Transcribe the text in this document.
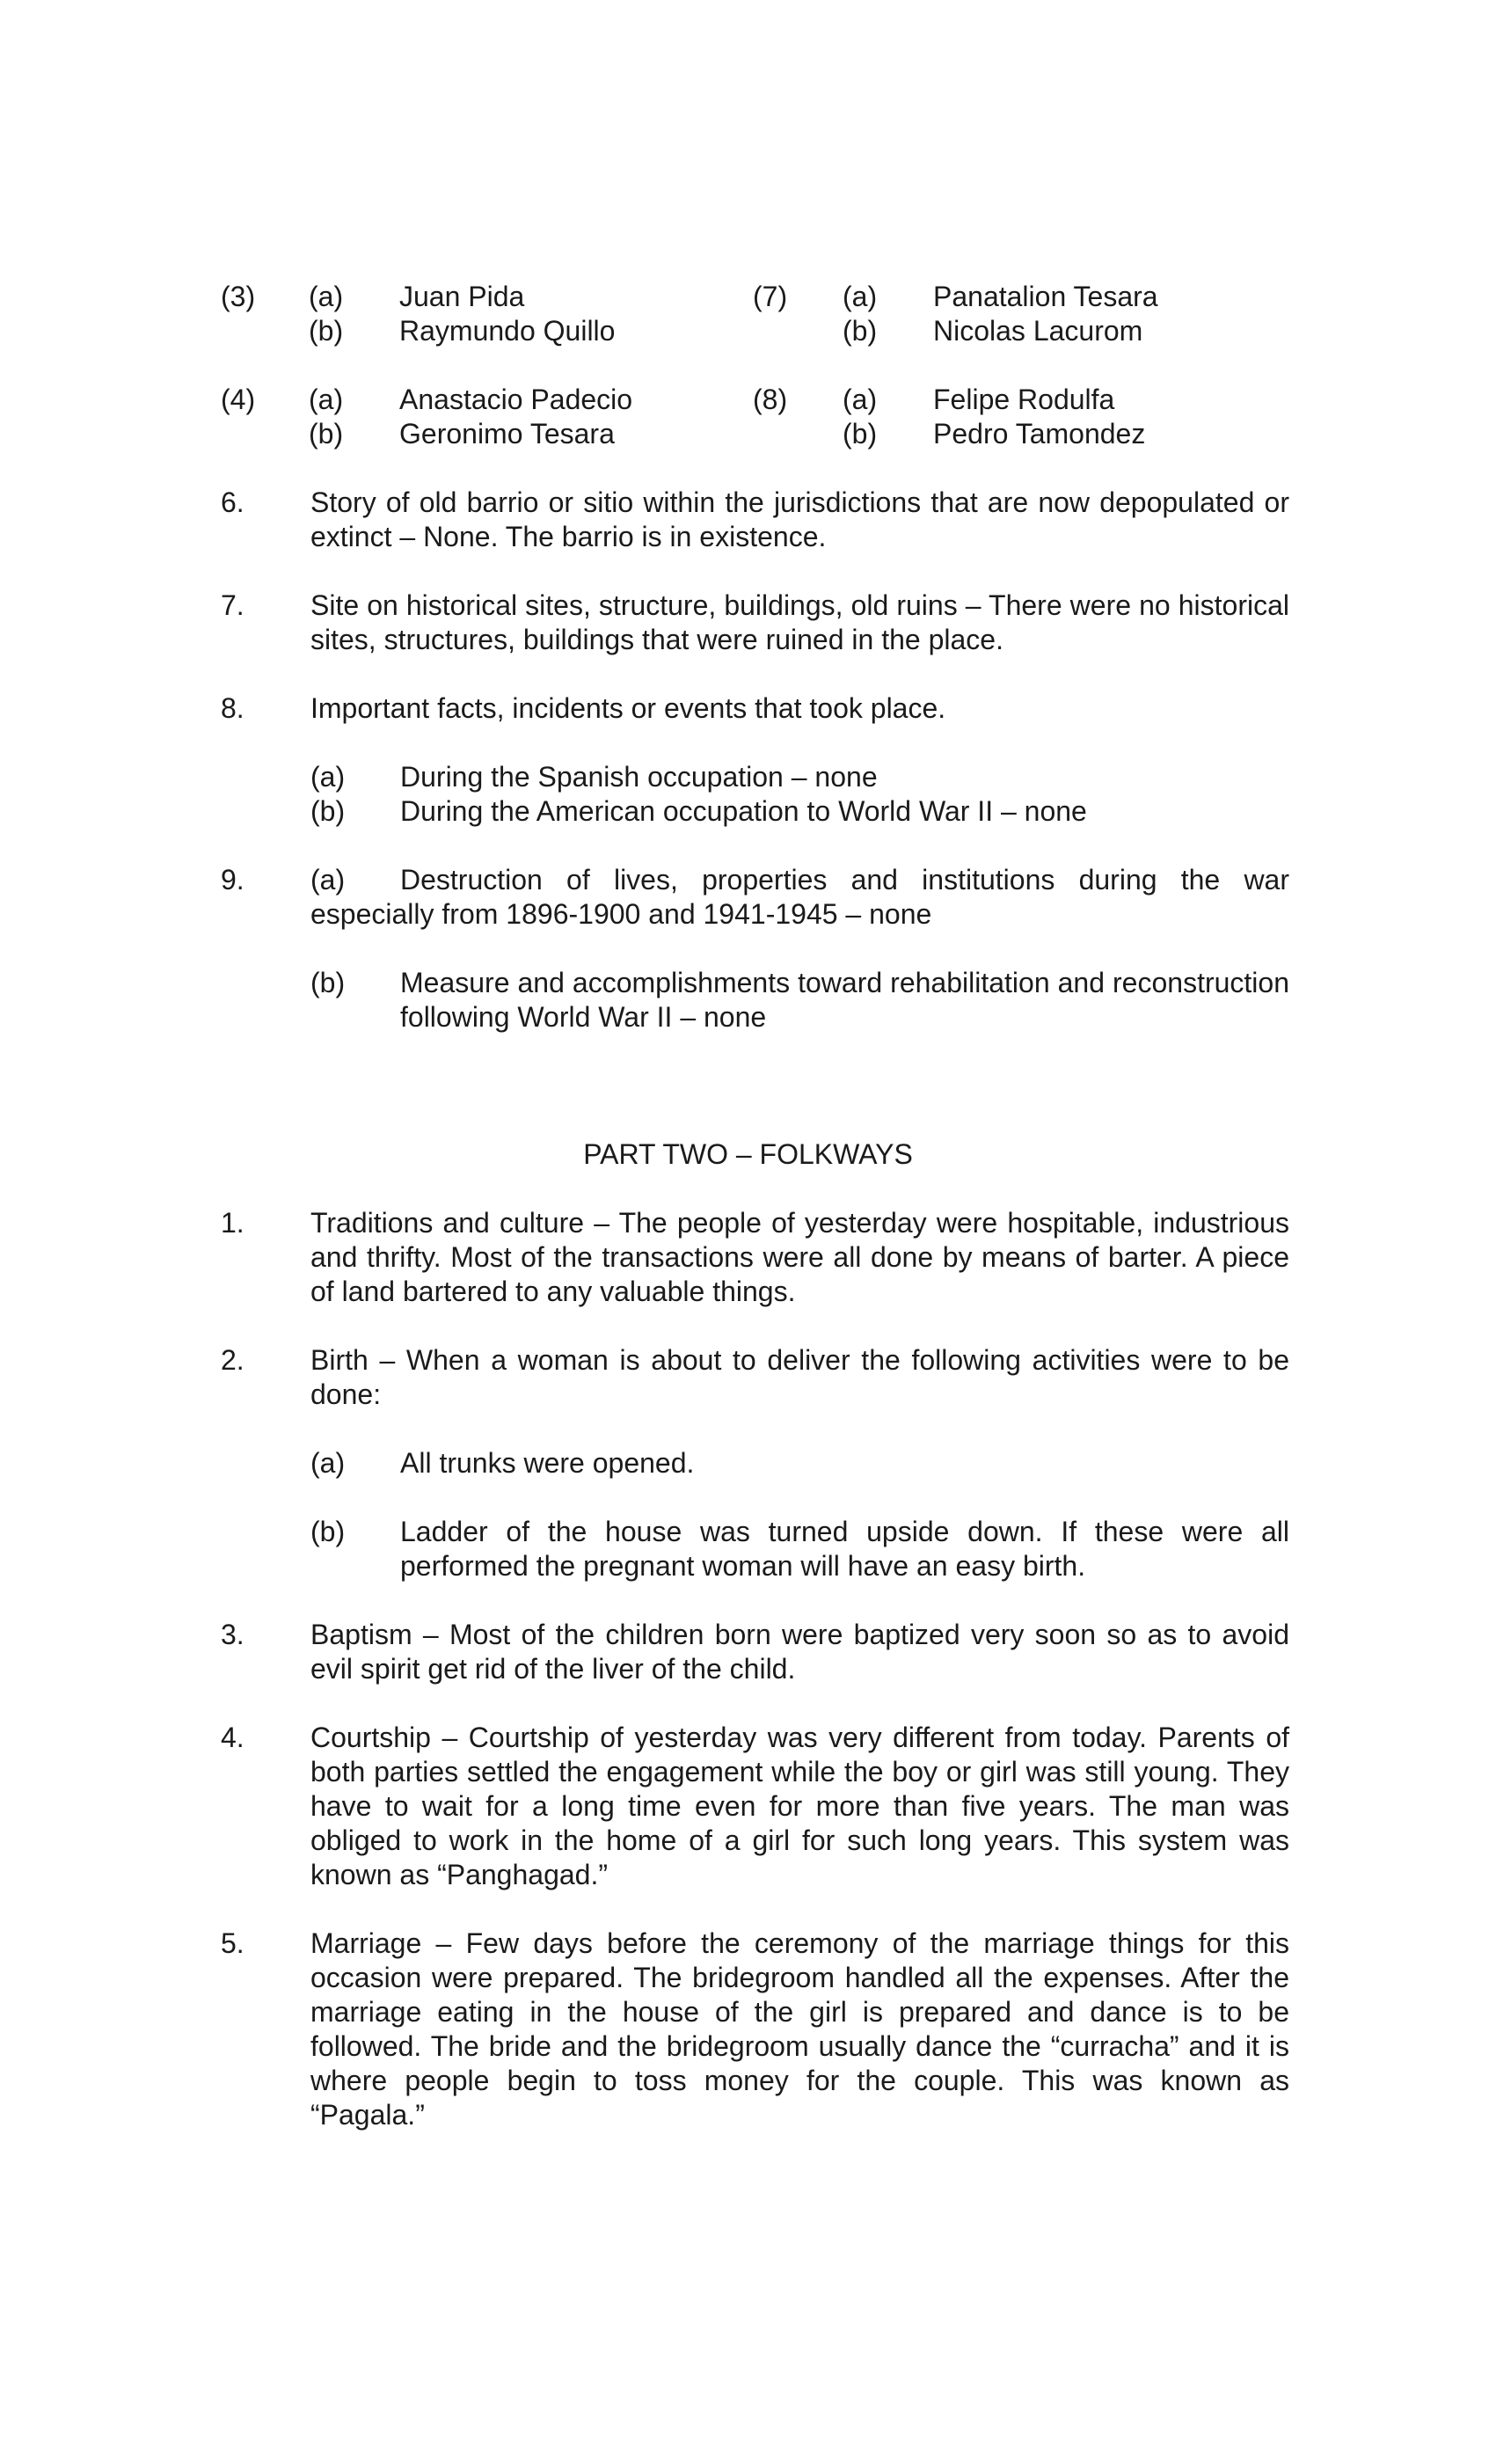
(3) (a) Juan Pida	(7) (a) Panatalion Tesara
(b) Raymundo Quillo	(b) Nicolas Lacurom
(4) (a) Anastacio Padecio	(8) (a) Felipe Rodulfa
(b) Geronimo Tesara	(b) Pedro Tamondez
6. Story of old barrio or sitio within the jurisdictions that are now depopulated or extinct – None. The barrio is in existence.
7. Site on historical sites, structure, buildings, old ruins – There were no historical sites, structures, buildings that were ruined in the place.
8. Important facts, incidents or events that took place.
(a) During the Spanish occupation – none
(b) During the American occupation to World War II – none
9. (a) Destruction of lives, properties and institutions during the war especially from 1896-1900 and 1941-1945 – none
(b) Measure and accomplishments toward rehabilitation and reconstruction following World War II – none
PART TWO – FOLKWAYS
1. Traditions and culture – The people of yesterday were hospitable, industrious and thrifty. Most of the transactions were all done by means of barter. A piece of land bartered to any valuable things.
2. Birth – When a woman is about to deliver the following activities were to be done:
(a) All trunks were opened.
(b) Ladder of the house was turned upside down. If these were all performed the pregnant woman will have an easy birth.
3. Baptism – Most of the children born were baptized very soon so as to avoid evil spirit get rid of the liver of the child.
4. Courtship – Courtship of yesterday was very different from today. Parents of both parties settled the engagement while the boy or girl was still young. They have to wait for a long time even for more than five years. The man was obliged to work in the home of a girl for such long years. This system was known as “Panghagad.”
5. Marriage – Few days before the ceremony of the marriage things for this occasion were prepared. The bridegroom handled all the expenses. After the marriage eating in the house of the girl is prepared and dance is to be followed. The bride and the bridegroom usually dance the “curracha” and it is where people begin to toss money for the couple. This was known as “Pagala.”
